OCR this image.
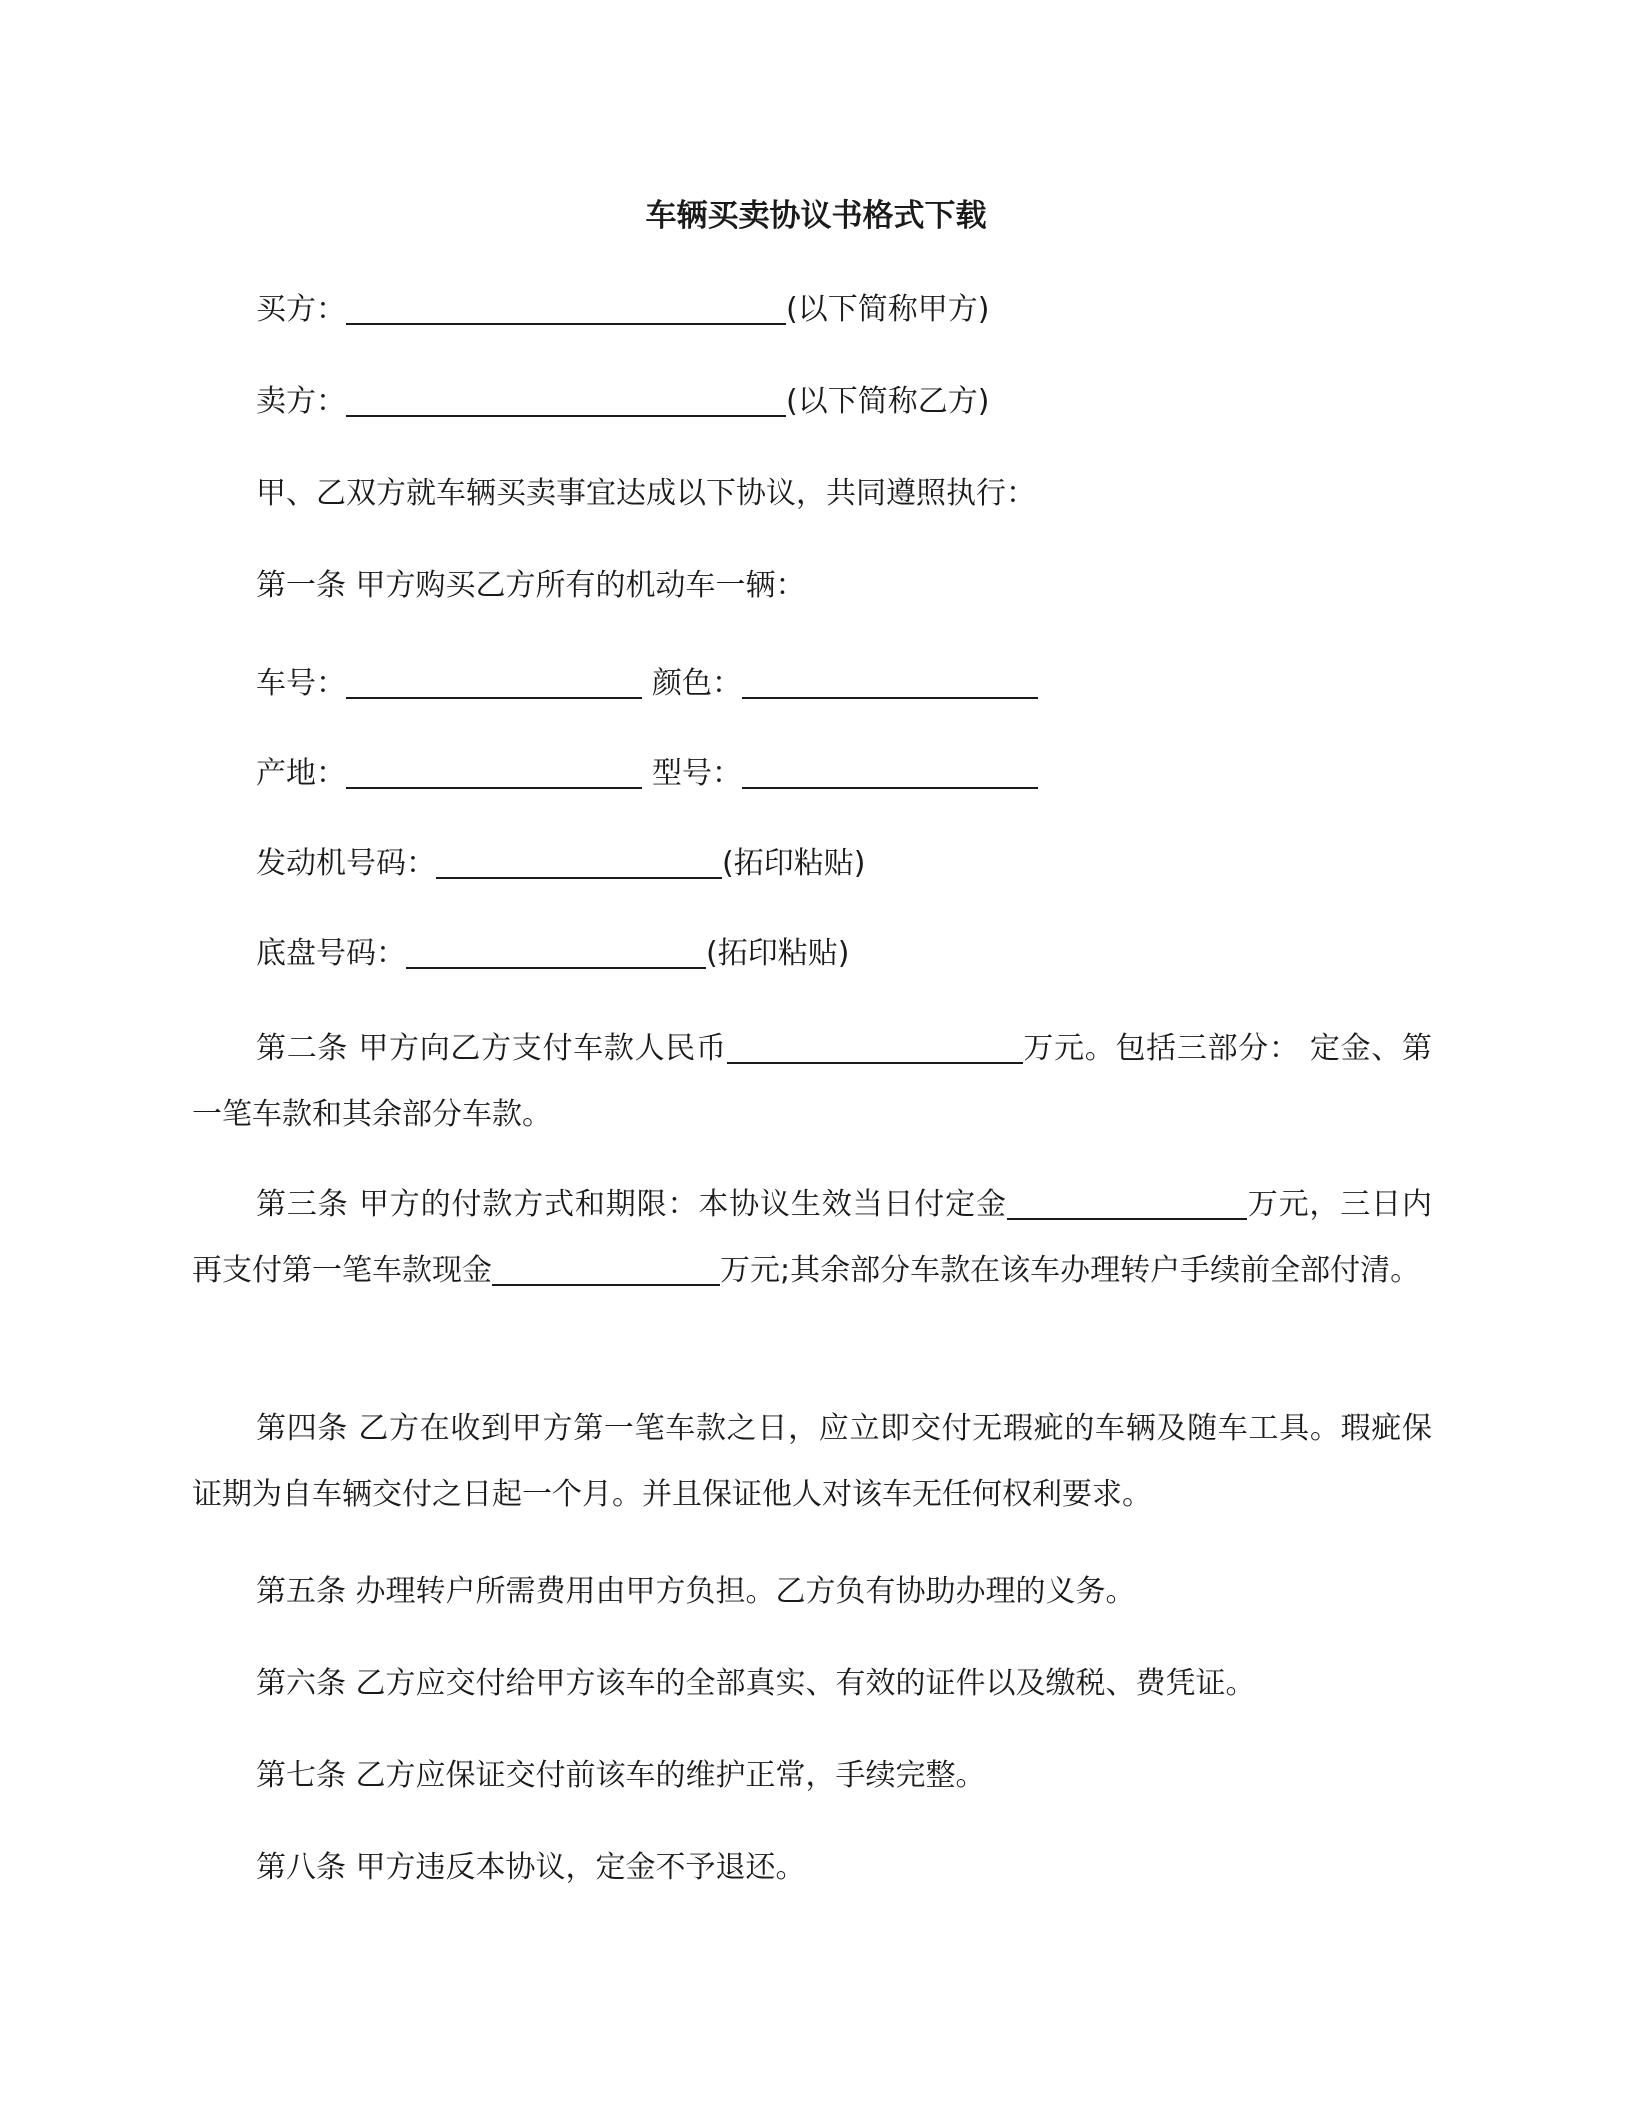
车辆买卖协议书格式下载
买方：	(以下简称甲方)
卖方：	(以下简称乙方)
甲、乙双方就车辆买卖事宜达成以下协议，共同遵照执行：
第一条 甲方购买乙方所有的机动车一辆：
车号：	颜色：
产地：	型号：
发动机号码：	(拓印粘贴)
底盘号码：	(拓印粘贴)
第二条 甲方向乙方支付车款人民币	万元。包括三部分： 定金、第一笔车款和其余部分车款。
第三条 甲方的付款方式和期限：本协议生效当日付定金	万元，三日内再支付第一笔车款现金	万元;其余部分车款在该车办理转户手续前全部付清。
第四条 乙方在收到甲方第一笔车款之日，应立即交付无瑕疵的车辆及随车工具。瑕疵保证期为自车辆交付之日起一个月。并且保证他人对该车无任何权利要求。
第五条 办理转户所需费用由甲方负担。乙方负有协助办理的义务。
第六条 乙方应交付给甲方该车的全部真实、有效的证件以及缴税、费凭证。
第七条 乙方应保证交付前该车的维护正常，手续完整。
第八条 甲方违反本协议，定金不予退还。
